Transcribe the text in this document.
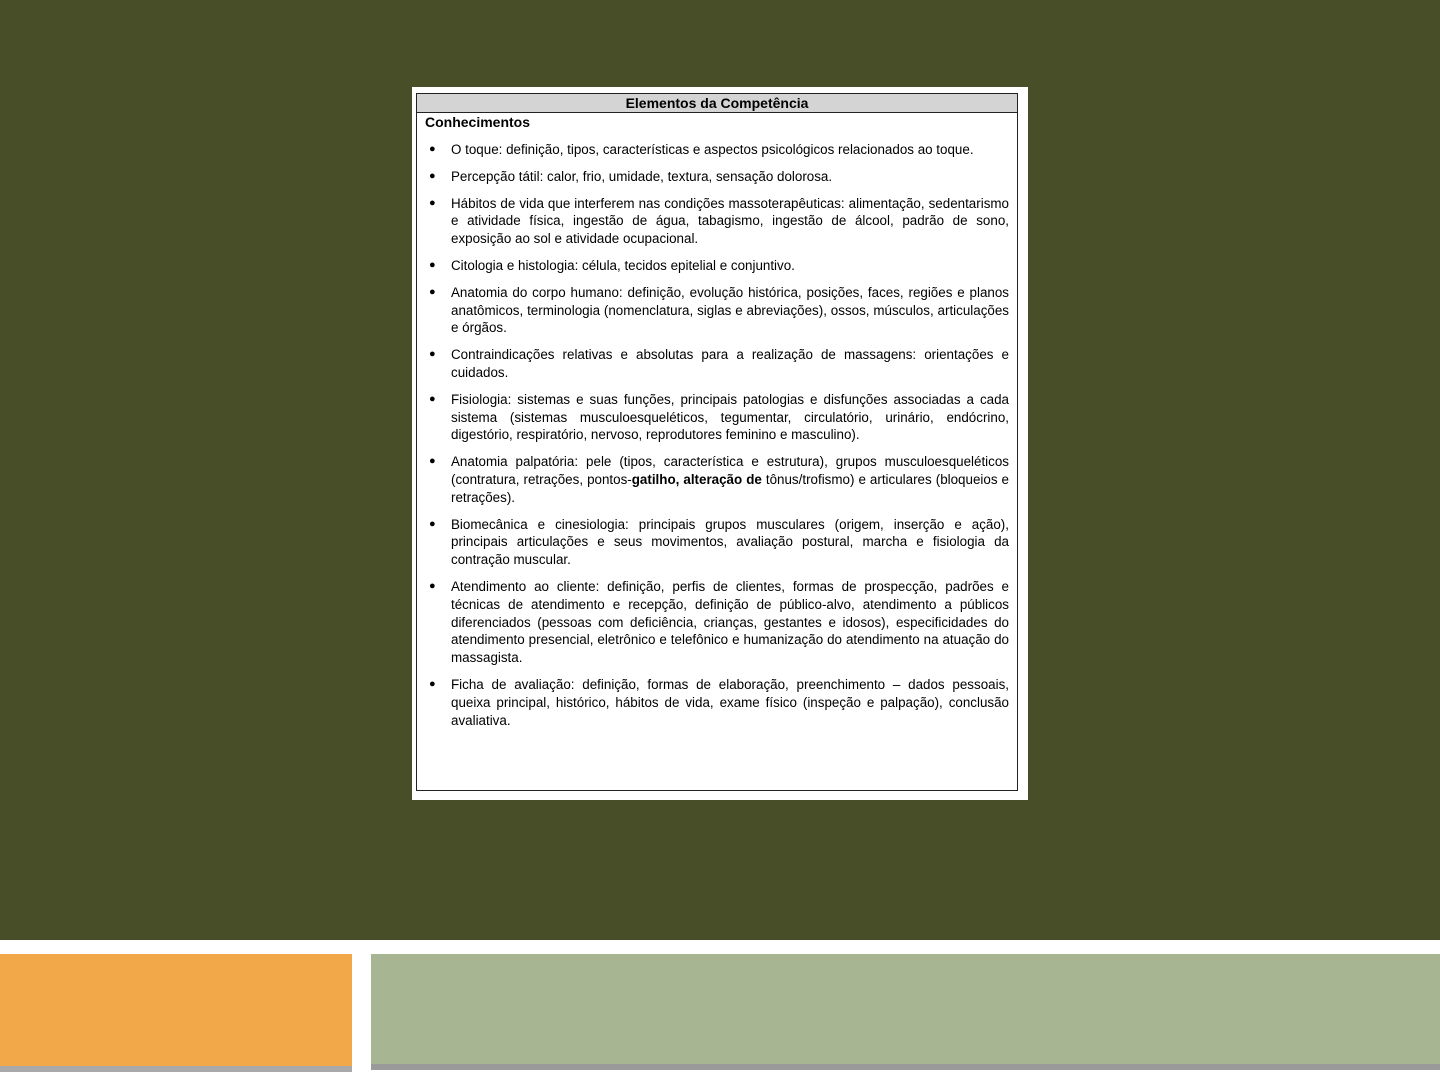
Elementos da Competência
Conhecimentos
● O toque: definição, tipos, características e aspectos psicológicos relacionados ao toque.
● Percepção tátil: calor, frio, umidade, textura, sensação dolorosa.
● Hábitos de vida que interferem nas condições massoterapêuticas: alimentação, sedentarismo e atividade física, ingestão de água, tabagismo, ingestão de álcool, padrão de sono, exposição ao sol e atividade ocupacional.
● Citologia e histologia: célula, tecidos epitelial e conjuntivo.
● Anatomia do corpo humano: definição, evolução histórica, posições, faces, regiões e planos anatômicos, terminologia (nomenclatura, siglas e abreviações), ossos, músculos, articulações e órgãos.
● Contraindicações relativas e absolutas para a realização de massagens: orientações e cuidados.
● Fisiologia: sistemas e suas funções, principais patologias e disfunções associadas a cada sistema (sistemas musculoesqueléticos, tegumentar, circulatório, urinário, endócrino, digestório, respiratório, nervoso, reprodutores feminino e masculino).
● Anatomia palpatória: pele (tipos, característica e estrutura), grupos musculoesqueléticos (contratura, retrações, pontos-gatilho, alteração de tônus/trofismo) e articulares (bloqueios e retrações).
● Biomecânica e cinesiologia: principais grupos musculares (origem, inserção e ação), principais articulações e seus movimentos, avaliação postural, marcha e fisiologia da contração muscular.
● Atendimento ao cliente: definição, perfis de clientes, formas de prospecção, padrões e técnicas de atendimento e recepção, definição de público-alvo, atendimento a públicos diferenciados (pessoas com deficiência, crianças, gestantes e idosos), especificidades do atendimento presencial, eletrônico e telefônico e humanização do atendimento na atuação do massagista.
● Ficha de avaliação: definição, formas de elaboração, preenchimento – dados pessoais, queixa principal, histórico, hábitos de vida, exame físico (inspeção e palpação), conclusão avaliativa.
